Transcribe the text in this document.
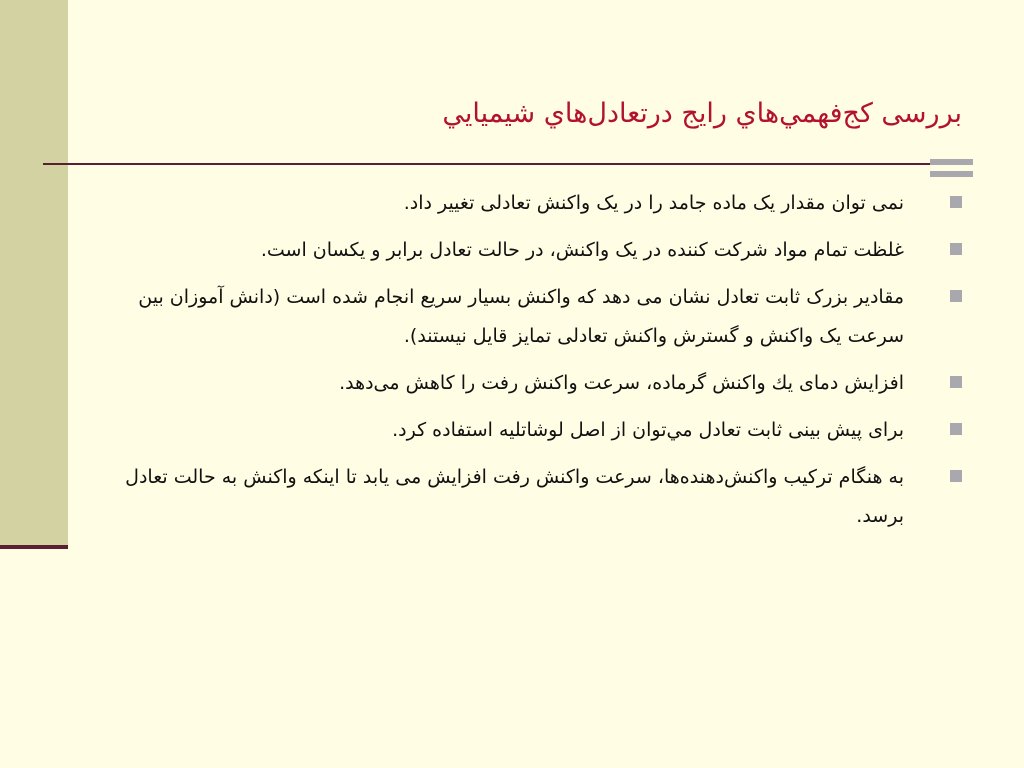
بررسی کج‌فهمي‌هاي رايج درتعادل‌هاي شيميايي
نمی توان مقدار یک ماده جامد را در یک واکنش تعادلی تغییر داد.
غلظت تمام مواد شرکت کننده در یک واکنش، در حالت تعادل برابر و یکسان است.
مقادیر بزرک ثابت تعادل نشان می دهد که واکنش بسیار سریع انجام شده است (دانش آموزان بین سرعت یک واکنش و گسترش واکنش تعادلی تمایز قایل نیستند).
افزايش دمای يك واكنش گرماده، سرعت واكنش رفت را كاهش می‌دهد.
برای پیش بینی ثابت تعادل مي‌توان از اصل لوشاتلیه استفاده کرد.
به هنگام ترکیب واکنش‌دهنده‌ها، سرعت واکنش رفت افزایش می یابد تا اینکه واکنش به حالت تعادل برسد.
